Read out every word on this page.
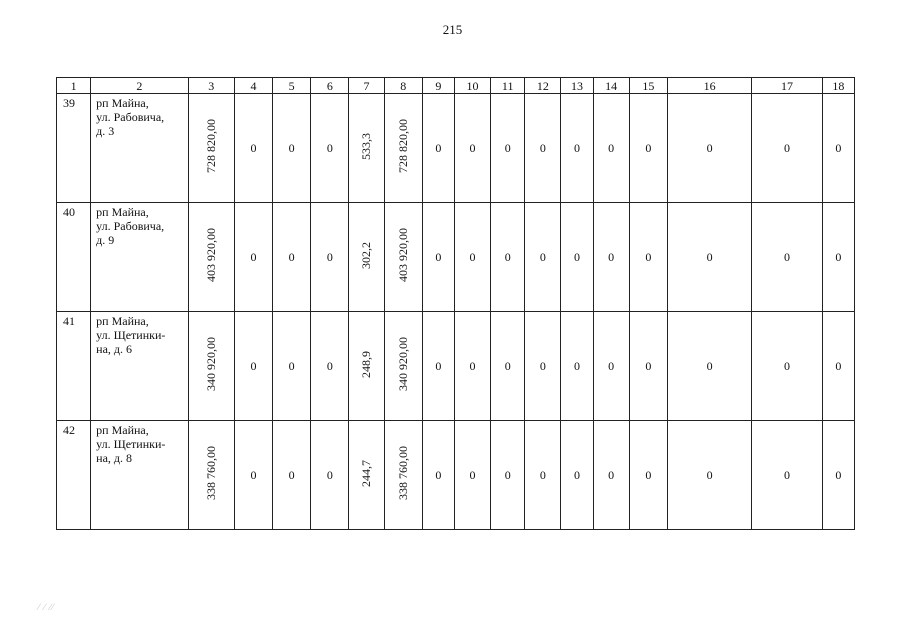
215
1	2	3	4	5	6	7	8	9	10	11	12	13	14	15	16	17	18
39	рп Майна,
ул. Рабовича,
д. 3	728 820,00	0	0	0	533,3	728 820,00	0	0	0	0	0	0	0	0	0	0
40	рп Майна,
ул. Рабовича,
д. 9	403 920,00	0	0	0	302,2	403 920,00	0	0	0	0	0	0	0	0	0	0
41	рп Майна,
ул. Щетинки-
на, д. 6	340 920,00	0	0	0	248,9	340 920,00	0	0	0	0	0	0	0	0	0	0
42	рп Майна,
ул. Щетинки-
на, д. 8	338 760,00	0	0	0	244,7	338 760,00	0	0	0	0	0	0	0	0	0	0
⁄ ⁄ ⁄⁄
